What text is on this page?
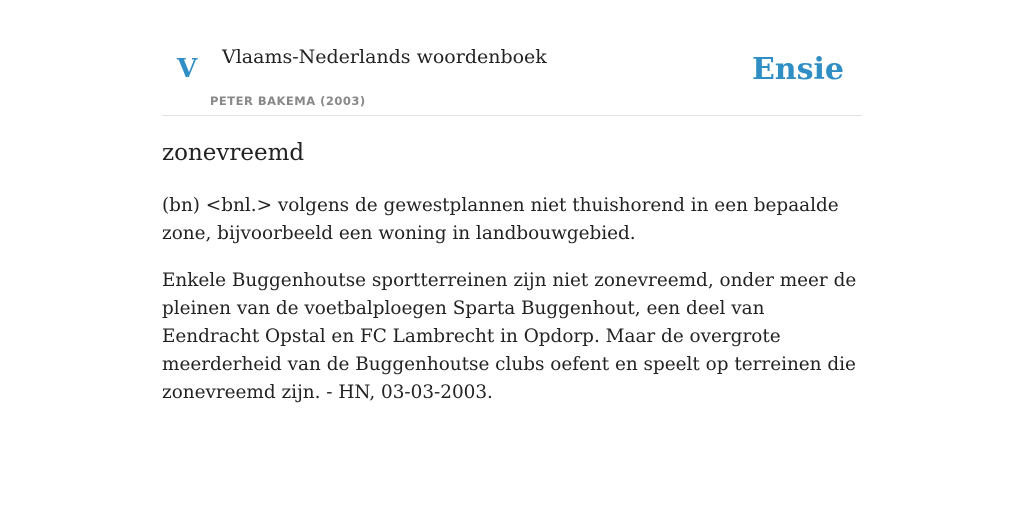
V Vlaams-Nederlands woordenboek
PETER BAKEMA (2003)
Ensie
zonevreemd

(bn) <bnl.> volgens de gewestplannen niet thuishorend in een bepaalde zone, bijvoorbeeld een woning in landbouwgebied.

Enkele Buggenhoutse sportterreinen zijn niet zonevreemd, onder meer de pleinen van de voetbalploegen Sparta Buggenhout, een deel van Eendracht Opstal en FC Lambrecht in Opdorp. Maar de overgrote meerderheid van de Buggenhoutse clubs oefent en speelt op terreinen die zonevreemd zijn. - HN, 03-03-2003.
